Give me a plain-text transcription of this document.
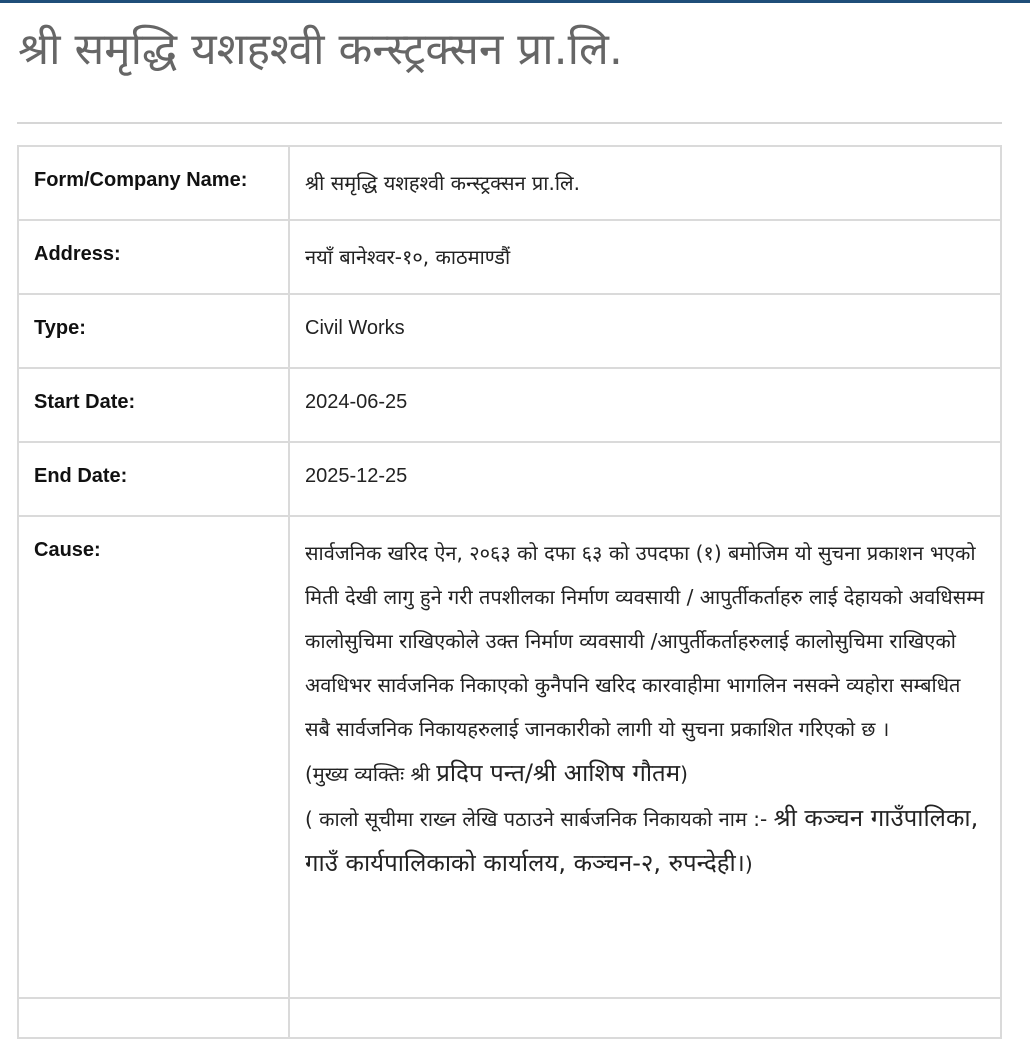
श्री समृद्धि यशहश्वी कन्स्ट्रक्सन प्रा.लि.
Form/Company Name:	श्री समृद्धि यशहश्वी कन्स्ट्रक्सन प्रा.लि.
Address:	नयाँ बानेश्वर-१०, काठमाण्डौं
Type:	Civil Works
Start Date:	2024-06-25
End Date:	2025-12-25
Cause:	सार्वजनिक खरिद ऐन, २०६३ को दफा ६३ को उपदफा (१) बमोजिम यो सुचना प्रकाशन भएको मिती देखी लागु हुने गरी तपशीलका निर्माण व्यवसायी / आपुर्तीकर्ताहरु लाई देहायको अवधिसम्म कालोसुचिमा राखिएकोले उक्त निर्माण व्यवसायी /आपुर्तीकर्ताहरुलाई कालोसुचिमा राखिएको अवधिभर सार्वजनिक निकाएको कुनैपनि खरिद कारवाहीमा भागलिन नसक्ने व्यहोरा सम्बधित सबै सार्वजनिक निकायहरुलाई जानकारीको लागी यो सुचना प्रकाशित गरिएको छ ।

(मुख्य व्यक्तिः श्री प्रदिप पन्त/श्री आशिष गौतम)

( कालो सूचीमा राख्न लेखि पठाउने सार्बजनिक निकायको नाम :- श्री कञ्चन गाउँपालिका, गाउँ कार्यपालिकाको कार्यालय, कञ्चन-२, रुपन्देही।)
